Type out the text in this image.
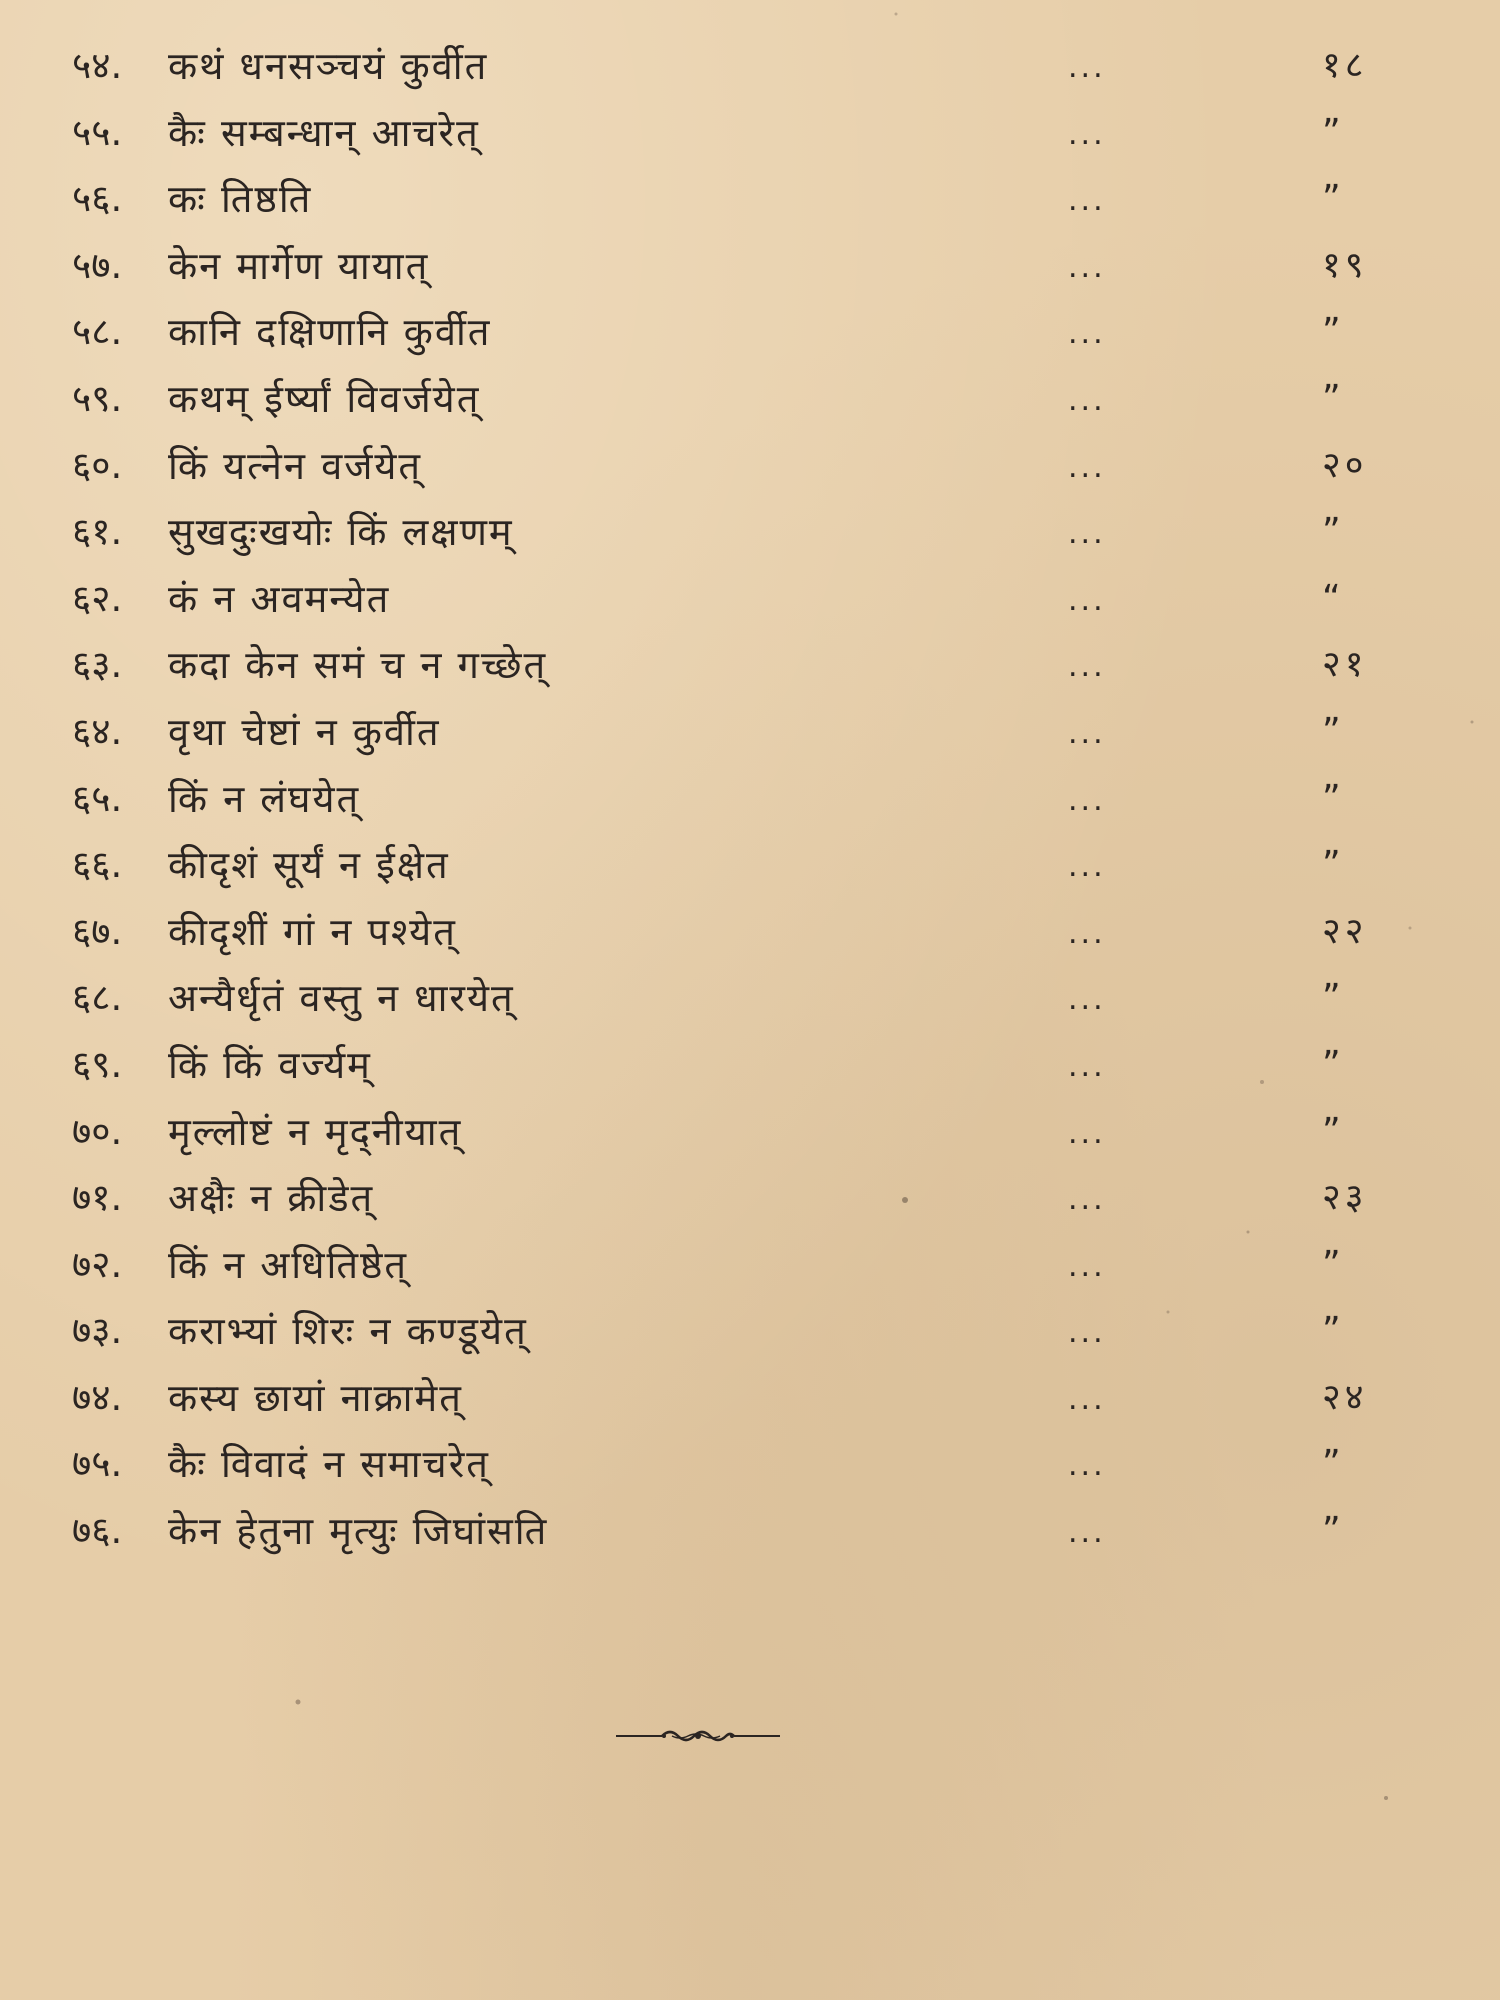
५४. कथं धनसञ्चयं कुर्वीत	...	१८
५५. कैः सम्बन्धान् आचरेत्	...	”
५६. कः तिष्ठति	...	”
५७. केन मार्गेण यायात्	...	१९
५८. कानि दक्षिणानि कुर्वीत	...	”
५९. कथम् ईर्ष्यां विवर्जयेत्	...	”
६०. किं यत्नेन वर्जयेत्	...	२०
६१. सुखदुःखयोः किं लक्षणम्	...	”
६२. कं न अवमन्येत	...	“
६३. कदा केन समं च न गच्छेत्	...	२१
६४. वृथा चेष्टां न कुर्वीत	...	”
६५. किं न लंघयेत्	...	”
६६. कीदृशं सूर्यं न ईक्षेत	...	”
६७. कीदृशीं गां न पश्येत्	...	२२
६८. अन्यैर्धृतं वस्तु न धारयेत्	...	”
६९. किं किं वर्ज्यम्	...	”
७०. मृल्लोष्टं न मृद्नीयात्	...	”
७१. अक्षैः न क्रीडेत्	...	२३
७२. किं न अधितिष्ठेत्	...	”
७३. कराभ्यां शिरः न कण्डूयेत्	...	”
७४. कस्य छायां नाक्रामेत्	...	२४
७५. कैः विवादं न समाचरेत्	...	”
७६. केन हेतुना मृत्युः जिघांसति	...	”
